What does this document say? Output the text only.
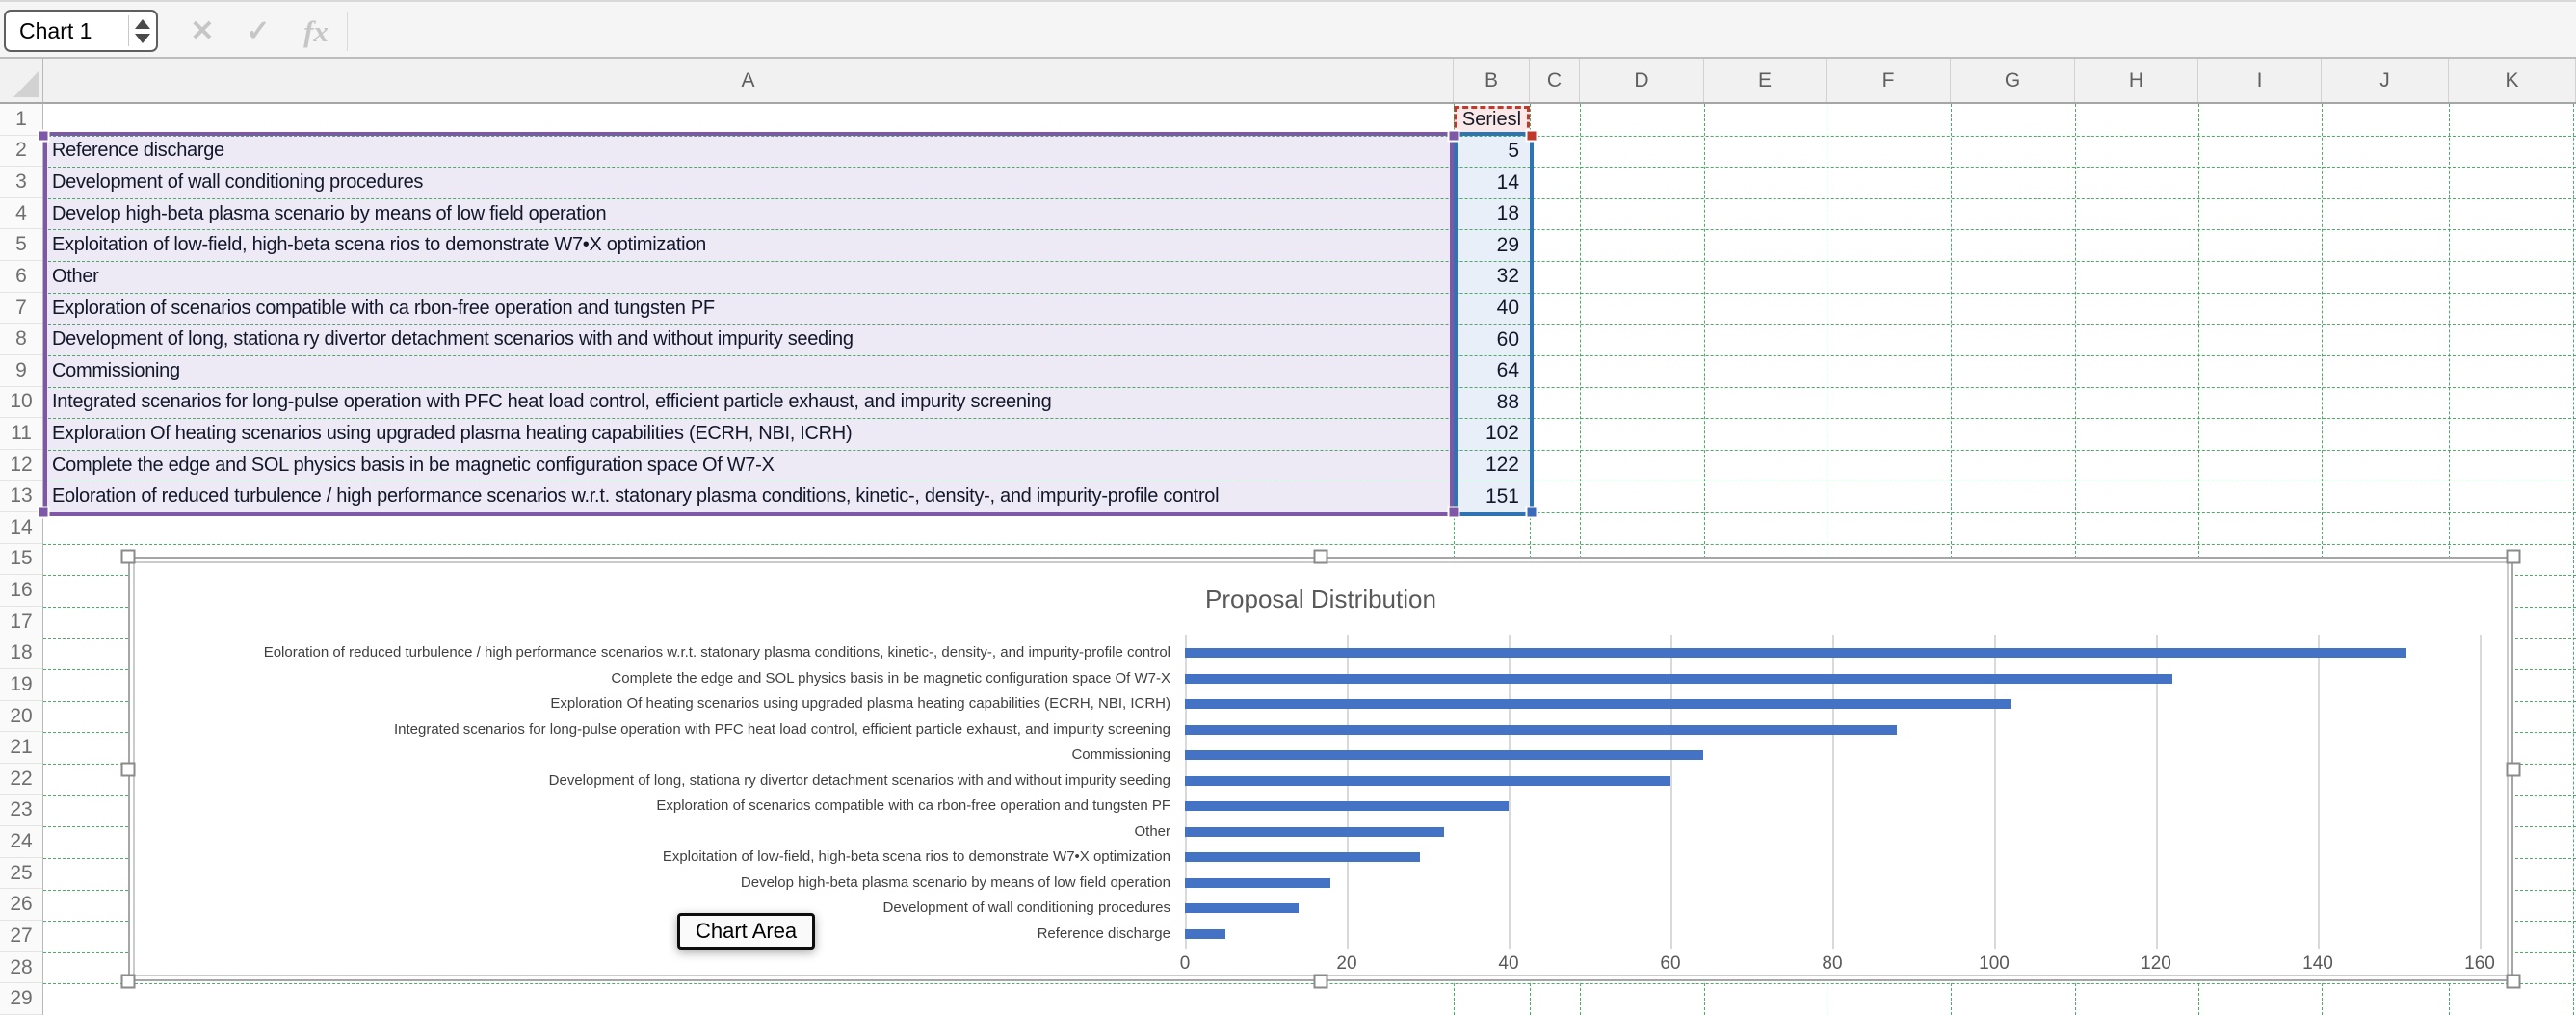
Chart 1	✕ ✓ fx
A	B	C	D	E	F	G	H	I	J	K
1
2
3
4
5
6
7
8
9
10
11
12
13
14
15
16
17
18
19
20
21
22
23
24
25
26
27
28
29
Reference discharge	5
Development of wall conditioning procedures	14
Develop high-beta plasma scenario by means of low field operation	18
Exploitation of low-field, high-beta scena rios to demonstrate W7•X optimization	29
Other	32
Exploration of scenarios compatible with ca rbon-free operation and tungsten PF	40
Development of long, stationa ry divertor detachment scenarios with and without impurity seeding	60
Commissioning	64
Integrated scenarios for long-pulse operation with PFC heat load control, efficient particle exhaust, and impurity screening	88
Exploration Of heating scenarios using upgraded plasma heating capabilities (ECRH, NBI, ICRH)	102
Complete the edge and SOL physics basis in be magnetic configuration space Of W7-X	122
Eoloration of reduced turbulence / high performance scenarios w.r.t. statonary plasma conditions, kinetic-, density-, and impurity-profile control	151
Seriesl
Proposal Distribution
0	20	40	60	80	100	120	140	160
Eoloration of reduced turbulence / high performance scenarios w.r.t. statonary plasma conditions, kinetic-, density-, and impurity-profile control
Complete the edge and SOL physics basis in be magnetic configuration space Of W7-X
Exploration Of heating scenarios using upgraded plasma heating capabilities (ECRH, NBI, ICRH)
Integrated scenarios for long-pulse operation with PFC heat load control, efficient particle exhaust, and impurity screening
Commissioning
Development of long, stationa ry divertor detachment scenarios with and without impurity seeding
Exploration of scenarios compatible with ca rbon-free operation and tungsten PF
Other
Exploitation of low-field, high-beta scena rios to demonstrate W7•X optimization
Develop high-beta plasma scenario by means of low field operation
Development of wall conditioning procedures
Reference discharge
Chart Area
